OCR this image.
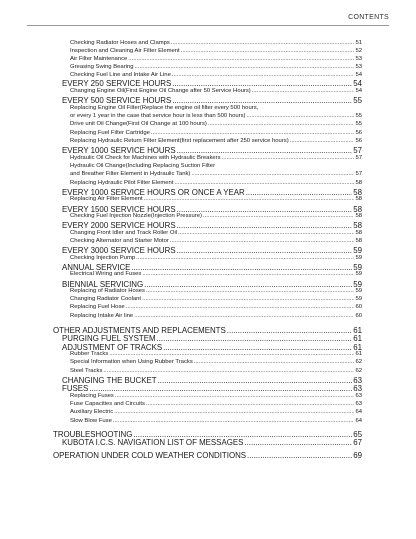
CONTENTS
Checking Radiator Hoses and Clamps .....	51
Inspection and Cleaning Air Filter Element .....	52
Air Filter Maintenance .....	53
Greasing Swing Bearing .....	53
Checking Fuel Line and Intake Air Line .....	54
EVERY 250 SERVICE HOURS .....	54
Changing Engine Oil(First Engine Oil Change after 50 Service Hours) .....	54
EVERY 500 SERVICE HOURS .....	55
Replacing Engine Oil Filter(Replace the engine oil filter every 500 hours,
or every 1 year in the case that service hour is less than 500 hours) .....	55
Drive unit Oil Change(First Oil Change at 100 hours) .....	55
Replacing Fuel Filter Cartridge .....	56
Replacing Hydraulic Return Filter Element(first replacement after 250 service hours) .....	56
EVERY 1000 SERVICE HOURS .....	57
Hydraulic Oil Check for Machines with Hydraulic Breakers .....	57
Hydraulic Oil Change(Including Replacing Suction Filter
and Breather Filter Element in Hydraulic Tank) .....	57
Replacing Hydraulic Pilot Filter Element .....	58
EVERY 1000 SERVICE HOURS OR ONCE A YEAR .....	58
Replacing Air Filter Element .....	58
EVERY 1500 SERVICE HOURS .....	58
Checking Fuel Injection Nozzle(Injection Pressure) .....	58
EVERY 2000 SERVICE HOURS .....	58
Changing Front Idler and Track Roller Oil .....	58
Checking Alternator and Starter Motor .....	58
EVERY 3000 SERVICE HOURS .....	59
Checking Injection Pump .....	59
ANNUAL SERVICE .....	59
Electrical Wiring and Fuses .....	59
BIENNIAL SERVICING .....	59
Replacing of Radiator Hoses .....	59
Changing Radiator Coolant .....	59
Replacing Fuel Hose .....	60
Replacing Intake Air line .....	60
OTHER ADJUSTMENTS AND REPLACEMENTS .....	61
PURGING FUEL SYSTEM .....	61
ADJUSTMENT OF TRACKS .....	61
Rubber Tracks .....	61
Special Information when Using Rubber Tracks .....	62
Steel Tracks .....	62
CHANGING THE BUCKET .....	63
FUSES .....	63
Replacing Fuses .....	63
Fuse Capacities and Circuits .....	63
Auxiliary Electric .....	64
Slow Blow Fuse .....	64
TROUBLESHOOTING .....	65
KUBOTA I.C.S. NAVIGATION LIST OF MESSAGES .....	67
OPERATION UNDER COLD WEATHER CONDITIONS .....	69
